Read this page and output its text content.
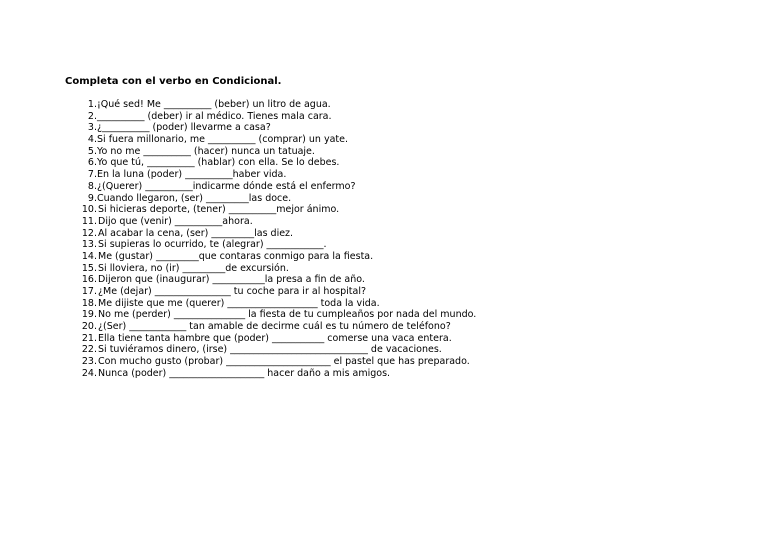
Completa con el verbo en Condicional.
1. ¡Qué sed! Me __________ (beber) un litro de agua.
2. __________ (deber) ir al médico. Tienes mala cara.
3. ¿__________ (poder) llevarme a casa?
4. Si fuera millonario, me __________ (comprar) un yate.
5. Yo no me __________ (hacer) nunca un tatuaje.
6. Yo que tú, __________ (hablar) con ella. Se lo debes.
7. En la luna (poder) __________haber vida.
8. ¿(Querer) __________indicarme dónde está el enfermo?
9. Cuando llegaron, (ser) _________las doce.
10. Si hicieras deporte, (tener) __________mejor ánimo.
11. Dijo que (venir) __________ahora.
12. Al acabar la cena, (ser) _________las diez.
13. Si supieras lo ocurrido, te (alegrar) ____________.
14. Me (gustar) _________que contaras conmigo para la fiesta.
15. Si lloviera, no (ir) _________de excursión.
16. Dijeron que (inaugurar) ___________la presa a fin de año.
17. ¿Me (dejar) ________________ tu coche para ir al hospital?
18. Me dijiste que me (querer) ___________________ toda la vida.
19. No me (perder) _______________ la fiesta de tu cumpleaños por nada del mundo.
20. ¿(Ser) ____________ tan amable de decirme cuál es tu número de teléfono?
21. Ella tiene tanta hambre que (poder) ___________ comerse una vaca entera.
22. Si tuviéramos dinero, (irse) _____________________________ de vacaciones.
23. Con mucho gusto (probar) ______________________ el pastel que has preparado.
24. Nunca (poder) ____________________ hacer daño a mis amigos.
